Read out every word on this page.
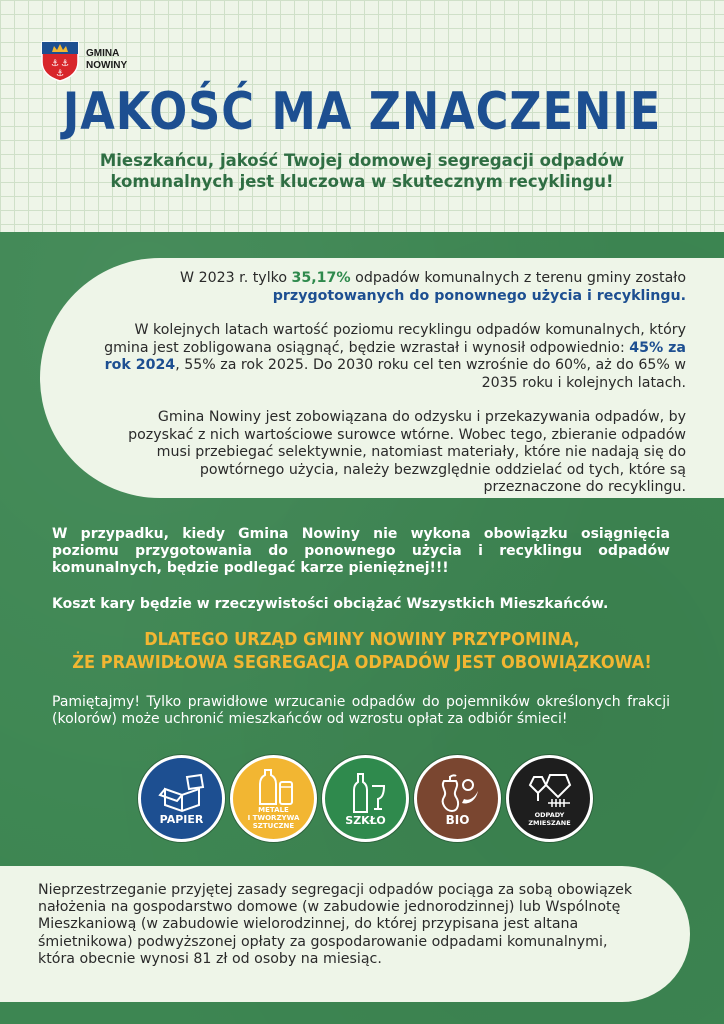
⚓ ⚓
⚓
GMINA
NOWINY
JAKOŚĆ MA ZNACZENIE
Mieszkańcu, jakość Twojej domowej segregacji odpadów komunalnych jest kluczowa w skutecznym recyklingu!

W 2023 r. tylko 35,17% odpadów komunalnych z terenu gminy zostało przygotowanych do ponownego użycia i recyklingu.

W kolejnych latach wartość poziomu recyklingu odpadów komunalnych, który gmina jest zobligowana osiągnąć, będzie wzrastał i wynosił odpowiednio: 45% za rok 2024, 55% za rok 2025. Do 2030 roku cel ten wzrośnie do 60%, aż do 65% w 2035 roku i kolejnych latach.

Gmina Nowiny jest zobowiązana do odzysku i przekazywania odpadów, by pozyskać z nich wartościowe surowce wtórne. Wobec tego, zbieranie odpadów musi przebiegać selektywnie, natomiast materiały, które nie nadają się do powtórnego użycia, należy bezwzględnie oddzielać od tych, które są przeznaczone do recyklingu.

W przypadku, kiedy Gmina Nowiny nie wykona obowiązku osiągnięcia poziomu przygotowania do ponownego użycia i recyklingu odpadów
komunalnych, będzie podlegać karze pieniężnej!!!
Koszt kary będzie w rzeczywistości obciążać Wszystkich Mieszkańców.
DLATEGO URZĄD GMINY NOWINY PRZYPOMINA,
ŻE PRAWIDŁOWA SEGREGACJA ODPADÓW JEST OBOWIĄZKOWA!
Pamiętajmy! Tylko prawidłowe wrzucanie odpadów do pojemników określonych frakcji (kolorów) może uchronić mieszkańców od wzrostu opłat za odbiór śmieci!
PAPIER
METALE
I TWORZYWA
SZTUCZNE	SZKŁO	BIO	ODPADY
ZMIESZANE
Nieprzestrzeganie przyjętej zasady segregacji odpadów pociąga za sobą obowiązek nałożenia na gospodarstwo domowe (w zabudowie jednorodzinnej) lub Wspólnotę Mieszkaniową (w zabudowie wielorodzinnej, do której przypisana jest altana śmietnikowa) podwyższonej opłaty za gospodarowanie odpadami komunalnymi, która obecnie wynosi 81 zł od osoby na miesiąc.
